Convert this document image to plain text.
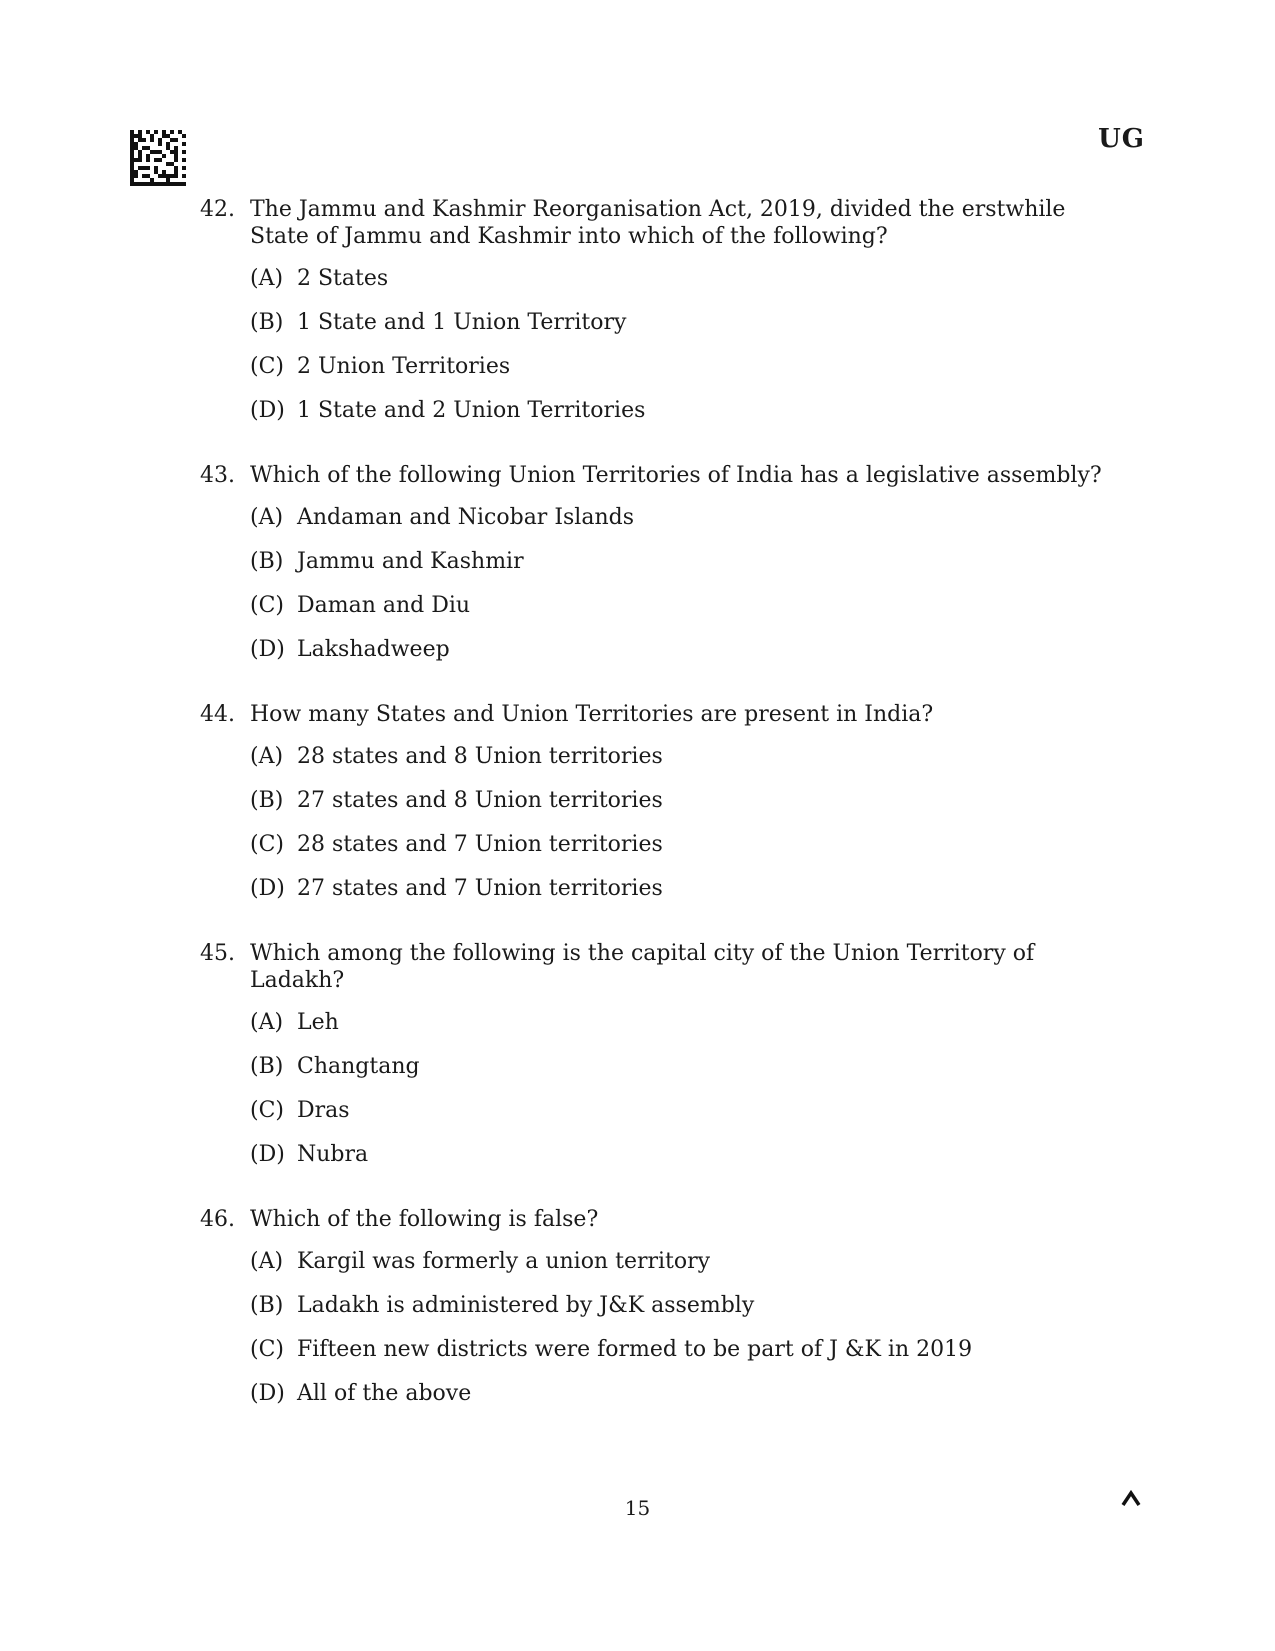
UG
42. The Jammu and Kashmir Reorganisation Act, 2019, divided the erstwhile State of Jammu and Kashmir into which of the following?
(A) 2 States
(B) 1 State and 1 Union Territory
(C) 2 Union Territories
(D) 1 State and 2 Union Territories
43. Which of the following Union Territories of India has a legislative assembly?
(A) Andaman and Nicobar Islands
(B) Jammu and Kashmir
(C) Daman and Diu
(D) Lakshadweep
44. How many States and Union Territories are present in India?
(A) 28 states and 8 Union territories
(B) 27 states and 8 Union territories
(C) 28 states and 7 Union territories
(D) 27 states and 7 Union territories
45. Which among the following is the capital city of the Union Territory of Ladakh?
(A) Leh
(B) Changtang
(C) Dras
(D) Nubra
46. Which of the following is false?
(A) Kargil was formerly a union territory
(B) Ladakh is administered by J&K assembly
(C) Fifteen new districts were formed to be part of J &K in 2019
(D) All of the above
15
